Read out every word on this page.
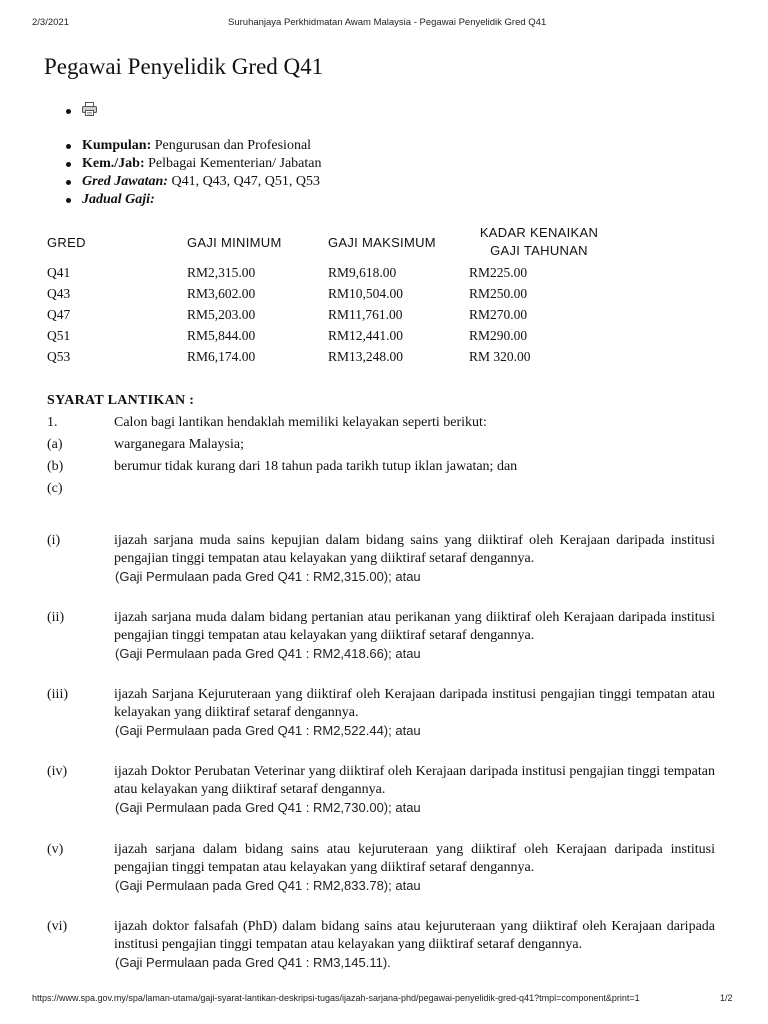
2/3/2021	Suruhanjaya Perkhidmatan Awam Malaysia - Pegawai Penyelidik Gred Q41
Pegawai Penyelidik Gred Q41
Kumpulan: Pengurusan dan Profesional
Kem./Jab: Pelbagai Kementerian/ Jabatan
Gred Jawatan: Q41, Q43, Q47, Q51, Q53
Jadual Gaji:
GRED	GAJI MINIMUM	GAJI MAKSIMUM	KADAR KENAIKAN
GAJI TAHUNAN
Q41	RM2,315.00	RM9,618.00	RM225.00
Q43	RM3,602.00	RM10,504.00	RM250.00
Q47	RM5,203.00	RM11,761.00	RM270.00
Q51	RM5,844.00	RM12,441.00	RM290.00
Q53	RM6,174.00	RM13,248.00	RM 320.00
SYARAT LANTIKAN :
1.	Calon bagi lantikan hendaklah memiliki kelayakan seperti berikut:
(a)	warganegara Malaysia;
(b)	berumur tidak kurang dari 18 tahun pada tarikh tutup iklan jawatan; dan
(c)
(i)	ijazah sarjana muda sains kepujian dalam bidang sains yang diiktiraf oleh Kerajaan daripada institusi pengajian tinggi tempatan atau kelayakan yang diiktiraf setaraf dengannya.
(Gaji Permulaan pada Gred Q41 : RM2,315.00); atau
(ii)	ijazah sarjana muda dalam bidang pertanian atau perikanan yang diiktiraf oleh Kerajaan daripada institusi pengajian tinggi tempatan atau kelayakan yang diiktiraf setaraf dengannya.
(Gaji Permulaan pada Gred Q41 : RM2,418.66); atau
(iii)	ijazah Sarjana Kejuruteraan yang diiktiraf oleh Kerajaan daripada institusi pengajian tinggi tempatan atau kelayakan yang diiktiraf setaraf dengannya.
(Gaji Permulaan pada Gred Q41 : RM2,522.44); atau
(iv)	ijazah Doktor Perubatan Veterinar yang diiktiraf oleh Kerajaan daripada institusi pengajian tinggi tempatan atau kelayakan yang diiktiraf setaraf dengannya.
(Gaji Permulaan pada Gred Q41 : RM2,730.00); atau
(v)	ijazah sarjana dalam bidang sains atau kejuruteraan yang diiktiraf oleh Kerajaan daripada institusi pengajian tinggi tempatan atau kelayakan yang diiktiraf setaraf dengannya.
(Gaji Permulaan pada Gred Q41 : RM2,833.78); atau
(vi)	ijazah doktor falsafah (PhD) dalam bidang sains atau kejuruteraan yang diiktiraf oleh Kerajaan daripada institusi pengajian tinggi tempatan atau kelayakan yang diiktiraf setaraf dengannya.
(Gaji Permulaan pada Gred Q41 : RM3,145.11).
https://www.spa.gov.my/spa/laman-utama/gaji-syarat-lantikan-deskripsi-tugas/ijazah-sarjana-phd/pegawai-penyelidik-gred-q41?tmpl=component&print=1	1/2
